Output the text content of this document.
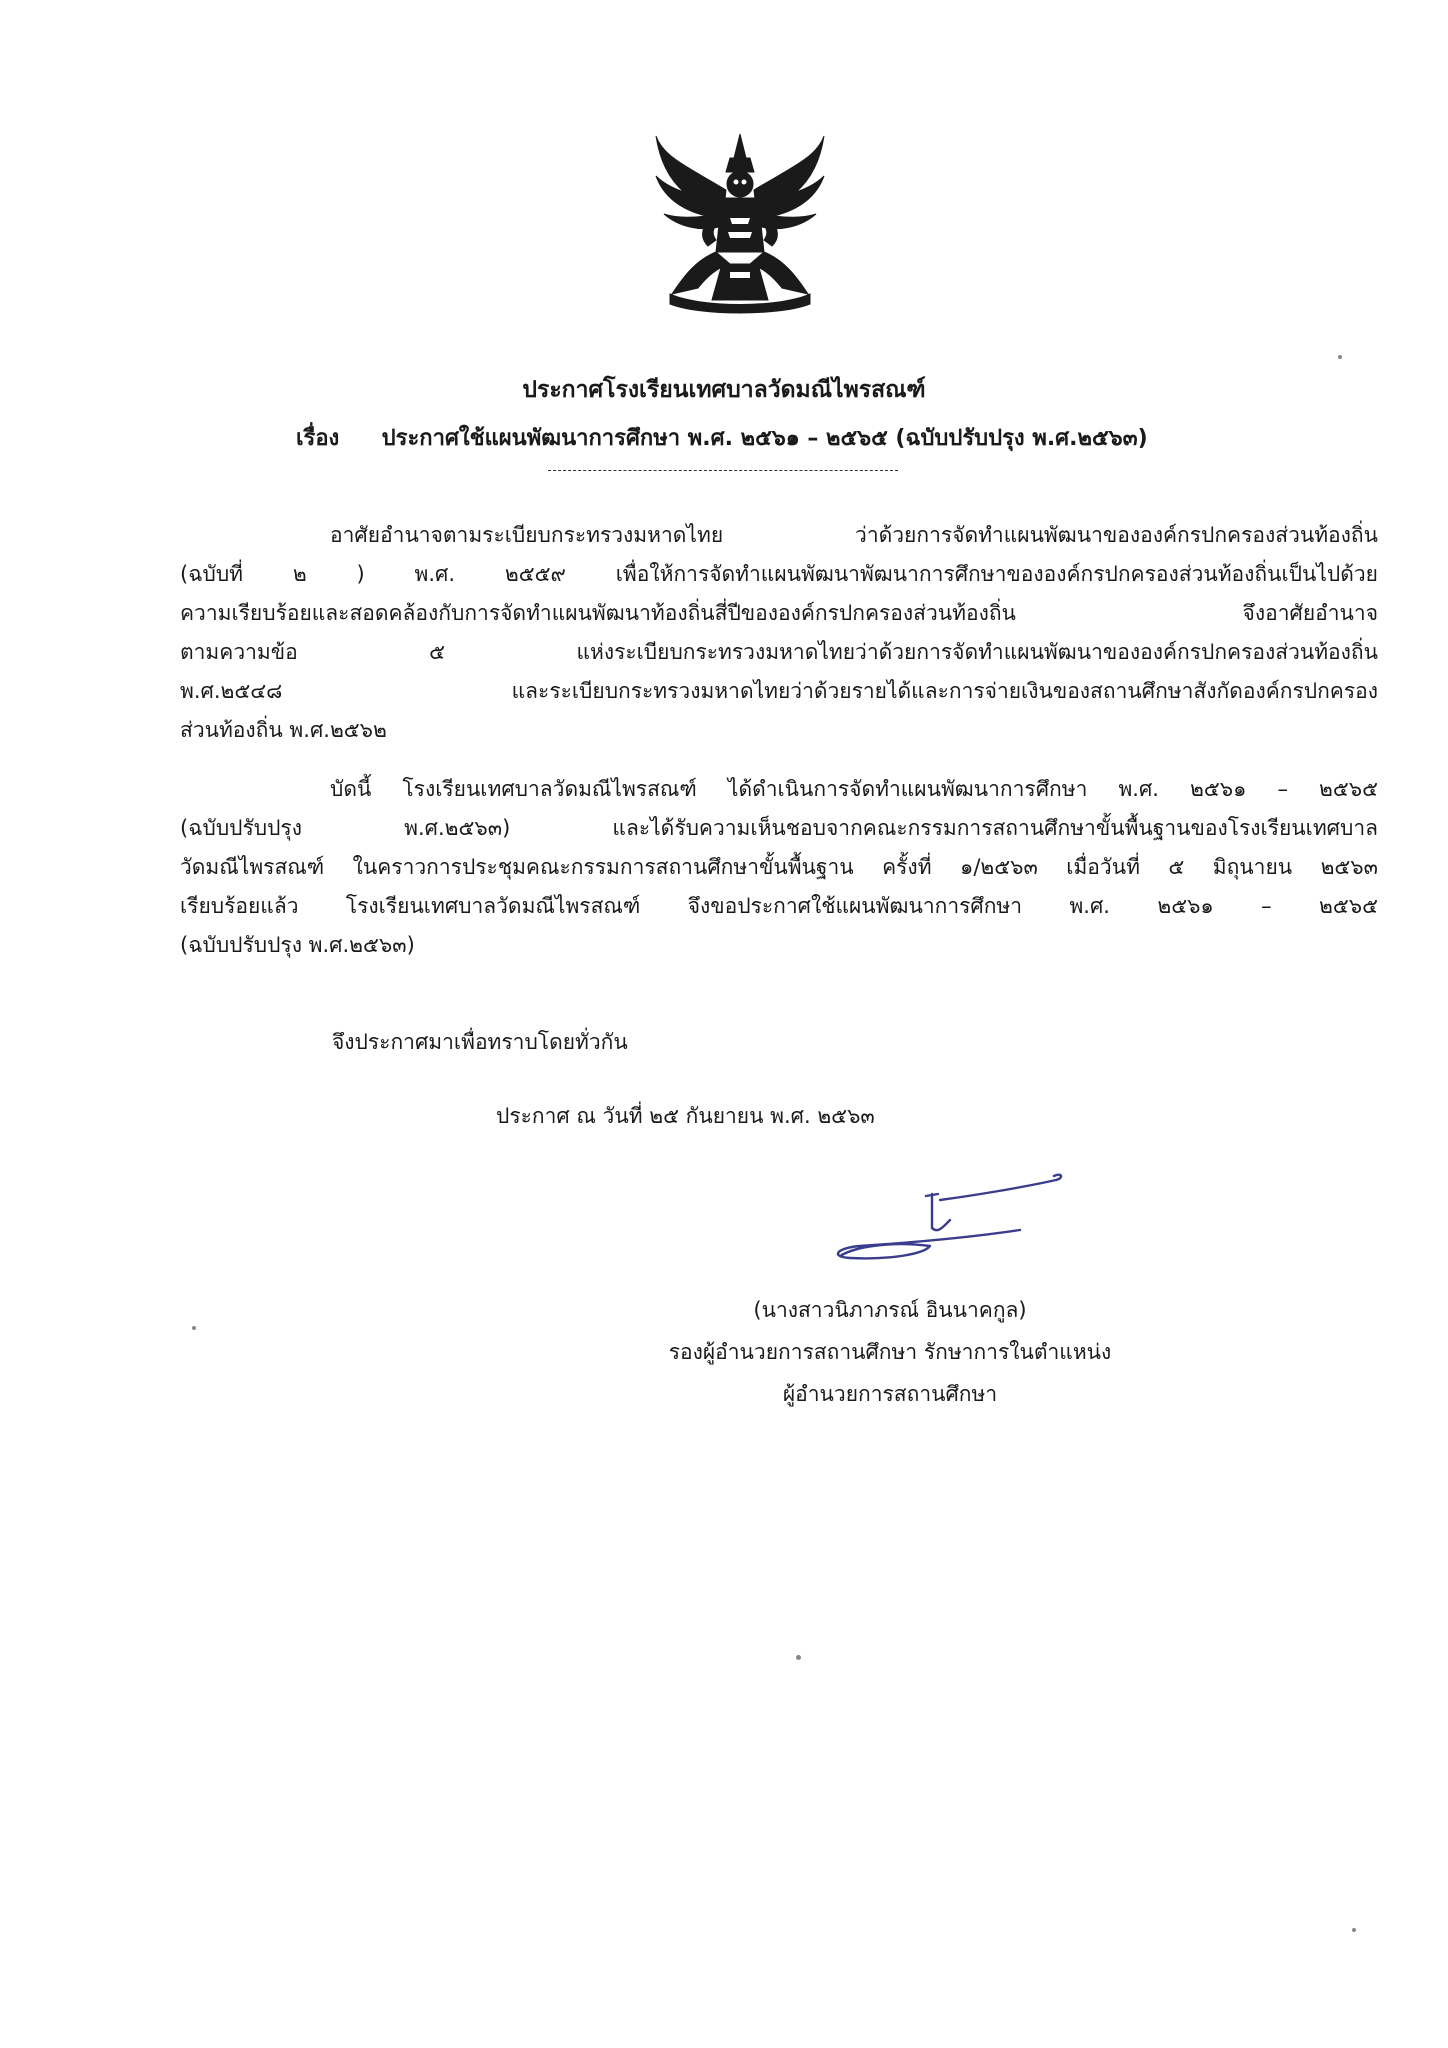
ประกาศโรงเรียนเทศบาลวัดมณีไพรสณฑ์
เรื่อง ประกาศใช้แผนพัฒนาการศึกษา พ.ศ. ๒๕๖๑ – ๒๕๖๕ (ฉบับปรับปรุง พ.ศ.๒๕๖๓)
อาศัยอำนาจตามระเบียบกระทรวงมหาดไทย ว่าด้วยการจัดทำแผนพัฒนาขององค์กรปกครองส่วนท้องถิ่น
(ฉบับที่ ๒ ) พ.ศ. ๒๕๕๙ เพื่อให้การจัดทำแผนพัฒนาพัฒนาการศึกษาขององค์กรปกครองส่วนท้องถิ่นเป็นไปด้วย
ความเรียบร้อยและสอดคล้องกับการจัดทำแผนพัฒนาท้องถิ่นสี่ปีขององค์กรปกครองส่วนท้องถิ่น จึงอาศัยอำนาจ
ตามความข้อ ๕ แห่งระเบียบกระทรวงมหาดไทยว่าด้วยการจัดทำแผนพัฒนาขององค์กรปกครองส่วนท้องถิ่น
พ.ศ.๒๕๔๘ และระเบียบกระทรวงมหาดไทยว่าด้วยรายได้และการจ่ายเงินของสถานศึกษาสังกัดองค์กรปกครอง
ส่วนท้องถิ่น พ.ศ.๒๕๖๒
บัดนี้ โรงเรียนเทศบาลวัดมณีไพรสณฑ์ ได้ดำเนินการจัดทำแผนพัฒนาการศึกษา พ.ศ. ๒๕๖๑ – ๒๕๖๕
(ฉบับปรับปรุง พ.ศ.๒๕๖๓) และได้รับความเห็นชอบจากคณะกรรมการสถานศึกษาขั้นพื้นฐานของโรงเรียนเทศบาล
วัดมณีไพรสณฑ์ ในคราวการประชุมคณะกรรมการสถานศึกษาขั้นพื้นฐาน ครั้งที่ ๑/๒๕๖๓ เมื่อวันที่ ๕ มิถุนายน ๒๕๖๓
เรียบร้อยแล้ว โรงเรียนเทศบาลวัดมณีไพรสณฑ์ จึงขอประกาศใช้แผนพัฒนาการศึกษา พ.ศ. ๒๕๖๑ – ๒๕๖๕
(ฉบับปรับปรุง พ.ศ.๒๕๖๓)
จึงประกาศมาเพื่อทราบโดยทั่วกัน
ประกาศ ณ วันที่ ๒๕ กันยายน พ.ศ. ๒๕๖๓
(นางสาวนิภาภรณ์ อินนาคกูล)
รองผู้อำนวยการสถานศึกษา รักษาการในตำแหน่ง
ผู้อำนวยการสถานศึกษา
